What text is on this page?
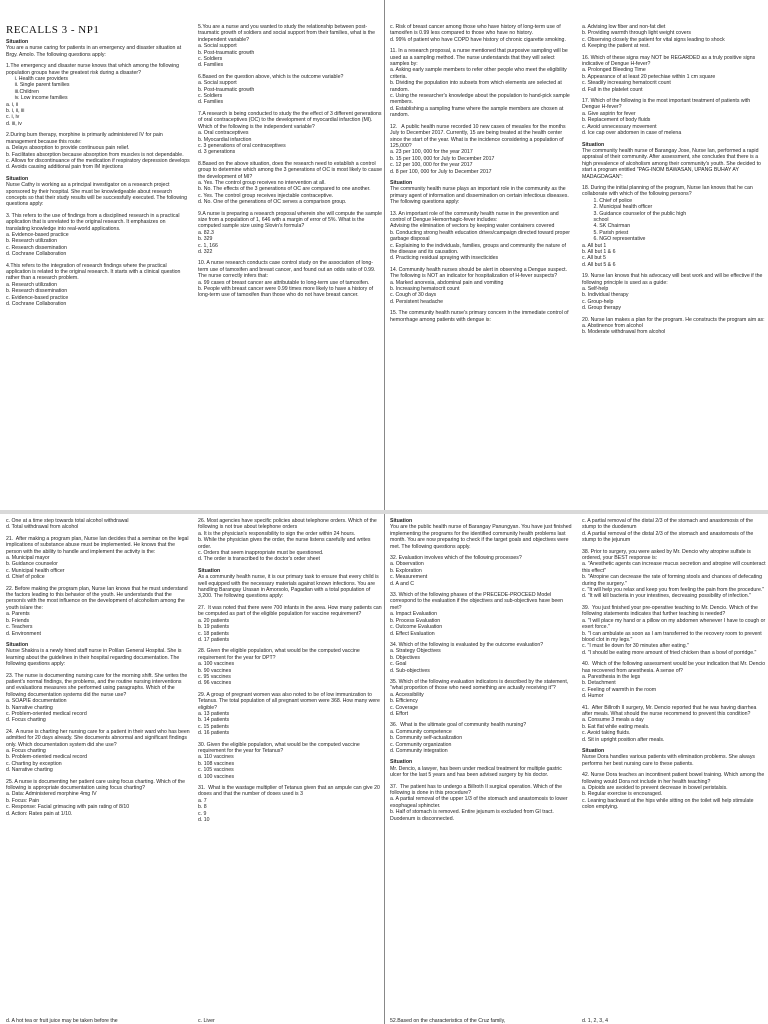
RECALLS 3 - NP1

Situation

You are a nurse caring for patients in an emergency and disaster situation at Brgy. Amolo. The following questions apply:

1.The emergency and disaster nurse knows that which among the following population groups have the greatest risk during a disaster?
i. Health care providers
ii. Single parent families
iii.Children
iv. Low income families
a. i, ii
b. i, ii, iii
c. i, iv
d. iii, iv

2.During burn therapy, morphine is primarily administered IV for pain management because this route:
a. Delays absorption to provide continuous pain relief.
b. Facilitates absorption because absorption from muscles is not dependable.
c. Allows for discontinuance of the medication if respiratory depression develops
d. Avoids causing additional pain from IM injections

Situation

Nurse Cathy is working as a principal investigator on a research project sponsored by their hospital. She must be knowledgeable about research concepts so that their study results will be successfully executed. The following questions apply:

3. This refers to the use of findings from a disciplined research in a practical application that is unrelated to the original research. It emphasizes on translating knowledge into real-world applications.
a. Evidence-based practice
b. Research utilization
c. Research dissemination
d. Cochrane Collaboration

4.This refers to the integration of research findings where the practical application is related to the original research. It starts with a clinical question rather than a research problem.
a. Research utilization
b. Research dissemination
c. Evidence-based practice
d. Cochrane Collaboration

5.You are a nurse and you wanted to study the relationship between post-traumatic growth of soldiers and social support from their families, what is the independent variable?
a. Social support
b. Post-traumatic growth
c. Soldiers
d. Families

6.Based on the question above, which is the outcome variable?
a. Social support
b. Post-traumatic growth
c. Soldiers
d. Families

7.A research is being conducted to study the the effect of 3 different generations of oral contraceptives (OC) to the development of myocardial infarction (MI). Which of the following is the independent variable?
a. Oral contraceptives
b. Myocardial infarction
c. 3 generations of oral contraceptives
d. 3 generations

8.Based on the above situation, does the research need to establish a control group to determine which among the 3 generations of OC is most likely to cause the development of MI?
a. Yes. The control group receives no intervention at all.
b. No. The effects of the 3 generations of OC are compared to one another.
c. Yes. The control group receives injectable contraceptive.
d. No. One of the generations of OC serves a comparison group.

9.A nurse is preparing a research proposal wherein she will compute the sample size from a population of 1, 646 with a margin of error of 5%. What is the computed sample size using Slovin's formula?
a. 82.3
b. 329
c. 1, 166
d. 322

10. A nurse research conducts case control study on the association of long-term use of tamoxifen and breast cancer, and found out an odds ratio of 0.99. The nurse correctly infers that:
a. 99 cases of breast cancer are attributable to long-term use of tamoxifen.
b. People with breast cancer were 0.99 times more likely to have a history of long-term use of tamoxifen than those who do not have breast cancer.

c. Risk of breast cancer among those who have history of long-term use of tamoxifen is 0.99 less compared to those who have no history.
d. 99% of patient who have COPD have history of chronic cigarette smoking.

11. In a research proposal, a nurse mentioned that purposive sampling will be used as a sampling method. The nurse understands that they will select samples by:
a. Asking early sample members to refer other people who meet the eligibility criteria.
b. Dividing the population into subsets from which elements are selected at random.
c. Using the researcher's knowledge about the population to hand-pick sample members.
d. Establishing a sampling frame where the sample members are chosen at random.

12.   A public health nurse recorded 10 new cases of measles for the months July to December 2017. Currently, 15 are being treated at the health center since the start of the year. What is the incidence considering a population of 125,000?
a. 23 per 100, 000 for the year 2017
b. 15 per 100, 000 for July to December 2017
c. 12 per 100, 000 for the year 2017
d. 8 per 100, 000 for July to December 2017

Situation

The community health nurse plays an important role in the community as the primary agent of information and dissemination on certain infectious diseases. The following questions apply:

13. An important role of the community health nurse in the prevention and control of Dengue Hemorrhagic-fever includes:
Advising the elimination of vectors by keeping water containers covered
b. Conducting strong health education drives/campaign directed toward proper garbage disposal
c. Explaining to the individuals, families, groups and community the nature of the disease and its causation.
d. Practicing residual spraying with insecticides

14. Community health nurses should be alert in observing a Dengue suspect. The following is NOT an indicator for hospitalization of H-fever suspects?
a. Marked anorexia, abdominal pain and vomiting
b. Increasing hematocrit count
c. Cough of 30 days
d. Persistent headache

15. The community health nurse's primary concern in the immediate control of hemorrhage among patients with dengue is:

a. Advising low fiber and non-fat diet
b. Providing warmth through light weight covers
c. Observing closely the patient for vital signs leading to shock
d. Keeping the patient at rest.

16. Which of these signs may NOT be REGARDED as a truly positive signs indicative of Dengue H-fever?
a. Prolonged Bleeding Time
b. Appearance of at least 20 petechiae within 1 cm square
c. Steadily increasing hematocrit count
d. Fall in the platelet count

17. Which of the following is the most important treatment of patients with Dengue H-fever?
a. Give aspirin for fever
b. Replacement of body fluids
c. Avoid unnecessary movement
d. Ice cap over abdomen in case of melena

Situation

The community health nurse of Barangay Jose, Nurse Ian, performed a rapid appraisal of their community. After assessment, she concludes that there is a high prevalence of alcoholism among their community's youth. She decided to start a program entitled "PAG-INOM BAWASAN, UPANG BUHAY AY MADAGDAGAN":

18. During the initial planning of the program, Nurse Ian knows that he can collaborate with which of the following persons?
1. Chief of police
2. Municipal health officer
3. Guidance counselor of the public high
school
4. SK Chairman
5. Parish priest
6. NGO representative
a. All but 1
b. All but 1 & 6
c. All but 5
d. All but 5 & 6

19. Nurse Ian knows that his advocacy will best work and will be effective if the following principle is used as a guide:
a. Self-help
b. Individual therapy
c. Group-help
d. Group therapy

20. Nurse Ian makes a plan for the program. He constructs the program aim as:
a. Abstinence from alcohol
b. Moderate withdrawal from alcohol

c. One at a time step towards total alcohol withdrawal
d. Total withdrawal from alcohol

21.  After making a program plan, Nurse Ian decides that a seminar on the legal implications of substance abuse must be implemented. He knows that the person with the ability to handle and implement the activity is the:
a. Municipal mayor
b. Guidance counselor
c. Municipal health officer
d. Chief of police

22. Before making the program plan, Nurse Ian knows that he must understand the factors leading to this behavior of the youth. He understands that the person/s with the most influence on the development of alcoholism among the youth is/are the:
a. Parents
b. Friends
c. Teachers
d. Environment

Situation

Nurse Shakira is a newly hired staff nurse in Polilan General Hospital. She is learning about the guidelines in their hospital regarding documentation. The following questions apply:

23. The nurse is documenting nursing care for the morning shift. She writes the patient's normal findings, the problems, and the routine nursing interventions and evaluations measures she performed using paragraphs. Which of the following documentation systems did the nurse use?
a. SOAPIE documentation
b. Narrative charting
c. Problem-oriented medical record
d. Focus charting

24.  A nurse is charting her nursing care for a patient in their ward who has been admitted for 20 days already. She documents abnormal and significant findings only. Which documentation system did she use?
a. Focus charting
b. Problem-oriented medical record
c. Charting by exception
d. Narrative charting

25. A nurse is documenting her patient care using focus charting. Which of the following is appropriate documentation using focus charting?
a. Data: Administered morphine 4mg IV
b. Focus: Pain
c. Response: Facial grimacing with pain rating of 8/10
d. Action: Rates pain at 1/10.

d. A hot tea or fruit juice may be taken before the

26. Most agencies have specific policies about telephone orders. Which of the following is not true about telephone orders
a. It is the physician's responsibility to sign the order within 24 hours.
b. While the physician gives the order, the nurse listens carefully and writes order.
c. Orders that seem inappropriate must be questioned.
d. The order is transcribed to the doctor's order sheet

Situation

As a community health nurse, it is our primary task to ensure that every child is well equipped with the necessary materials against known infections. You are handling Barangay Urasan in Amorsolo, Pagadian with a total population of 3,200. The following questions apply:

27.  It was noted that there were 700 infants in the area. How many patients can be computed as part of the eligible population for vaccine requirement?
a. 20 patients
b. 19 patients
c. 18 patients
d. 17 patients

28. Given the eligible population, what would be the computed vaccine requirement for the year for DPT?
a. 100 vaccines
b. 90 vaccines
c. 95 vaccines
d. 96 vaccines

29. A group of pregnant women was also noted to be of low immunization to Tetanus. The total population of all pregnant women were 368. How many were eligible?
a. 13 patients
b. 14 patients
c. 15 patients
d. 16 patients

30. Given the eligible population, what would be the computed vaccine requirement for the year for Tetanus?
a. 110 vaccines
b. 108 vaccines
c. 105 vaccines
d. 100 vaccines

31.  What is the wastage multiplier of Tetanus given that an ampule can give 20 doses and that the number of doses used is 3
a. 7
b. 8
c. 9
d. 10

c. Liver

Situation

You are the public health nurse of Barangay Panungyan. You have just finished implementing the programs for the identified community health problems last month. You are now preparing to check if the target goals and objectives were met. The following questions apply.

32. Evaluation involves which of the following processes?
a. Observation
b. Exploration
c. Measurement
d. A and C

33. Which of the following phases of the PRECEDE-PROCEED Model correspond to the evaluation if the objectives and sub-objectives have been met?
a. Impact Evaluation
b. Process Evaluation
c. Outcome Evaluation
d. Effect Evaluation

34. Which of the following is evaluated by the outcome evaluation?
a. Strategy Objectives
b. Objectives
c. Goal
d. Sub-objectives

35. Which of the following evaluation indicators is described by the statement, "what proportion of those who need something are actually receiving it"?
a. Accessibility
b. Efficiency
c. Coverage
d. Effort

36.  What is the ultimate goal of community health nursing?
a. Community competence
b. Community self-actualization
c. Community organization
d. Community integration

Situation

Mr. Dencio, a lawyer, has been under medical treatment for multiple gastric ulcer for the last 5 years and has been advised surgery by his doctor.

37.  The patient has to undergo a Billroth II surgical operation. Which of the following is done in this procedure?
a. A partial removal of the upper 1/3 of the stomach and anastomosis to lower esophageal sphincter.
b. Half of stomach is removed. Entire jejunum is excluded from GI tract. Duodenum is disconnected.

52.Based on the characteristics of the Cruz family,

c. A partial removal of the distal 2/3 of the stomach and anastomosis of the stump to the duodenum
d. A partial removal of the distal 2/3 of the stomach and anastomosis of the stump to the jejunum

38. Prior to surgery, you were asked by Mr. Dencio why atropine sulfate is ordered, your BEST response is:
a. "Anesthetic agents can increase mucus secretion and atropine will counteract this effect"
b. "Atropine can decrease the rate of forming stools and chances of defecating during the surgery."
c. "It will help you relax and keep you from feeling the pain from the procedure."
d. "It will kill bacteria in your intestines, decreasing possibility of infection."

39.  You just finished your pre-operative teaching to Mr. Dencio. Which of the following statements indicates that further teaching is needed?
a. "I will place my hand or a pillow on my abdomen whenever I have to cough or exert force."
b. "I can ambulate as soon as I am transferred to the recovery room to prevent blood clot in my legs."
c. "I must lie down for 30 minutes after eating."
d. "I should be eating more amount of fried chicken than a bowl of porridge."

40.  Which of the following assessment would be your indication that Mr. Dencio has recovered from anesthesia. A sense of?
a. Paresthesia in the legs
b. Detachment
c. Feeling of warmth in the room
d. Humor

41.  After Billroth II surgery, Mr. Dencio reported that he was having diarrhea after meals. What should the nurse recommend to prevent this condition?
a. Consume 3 meals a day
b. Eat flat while eating meals.
c. Avoid taking fluids.
d. Sit in upright position after meals.

Situation

Nurse Dora handles various patients with elimination problems. She always performs her best nursing care to these patients.

42. Nurse Dora teaches an incontinent patient bowel training. Which among the following would Dora not include in her health teaching?
a. Opioids are avoided to prevent decrease in bowel peristalsis.
b. Regular exercise is encouraged.
c. Leaning backward at the hips while sitting on the toilet will help stimulate colon emptying.

d. 1, 2, 3, 4
